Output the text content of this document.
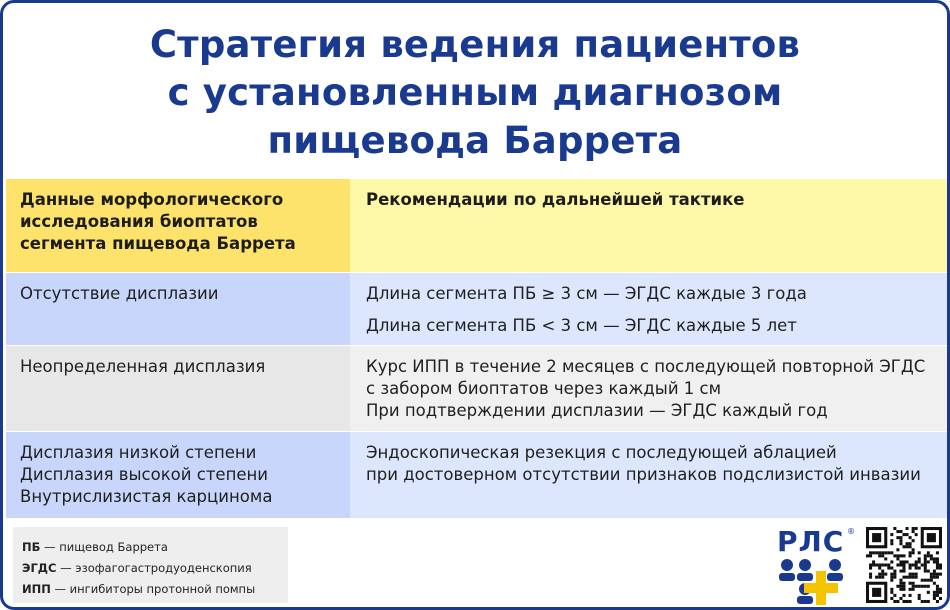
Стратегия ведения пациентов
с установленным диагнозом
пищевода Баррета
Данные морфологического исследования биоптатов сегмента пищевода Баррета
Рекомендации по дальнейшей тактике
Отсутствие дисплазии	Длина сегмента ПБ ≥ 3 см — ЭГДС каждые 3 года
Длина сегмента ПБ < 3 см — ЭГДС каждые 5 лет
Неопределенная дисплазия	Курс ИПП в течение 2 месяцев с последующей повторной ЭГДС
с забором биоптатов через каждый 1 см
При подтверждении дисплазии — ЭГДС каждый год
Дисплазия низкой степени
Дисплазия высокой степени
Внутрислизистая карцинома
Эндоскопическая резекция с последующей аблацией
при достоверном отсутствии признаков подслизистой инвазии
ПБ — пищевод Баррета
ЭГДС — эзофагогастродуоденскопия
ИПП — ингибиторы протонной помпы
РЛС ®
